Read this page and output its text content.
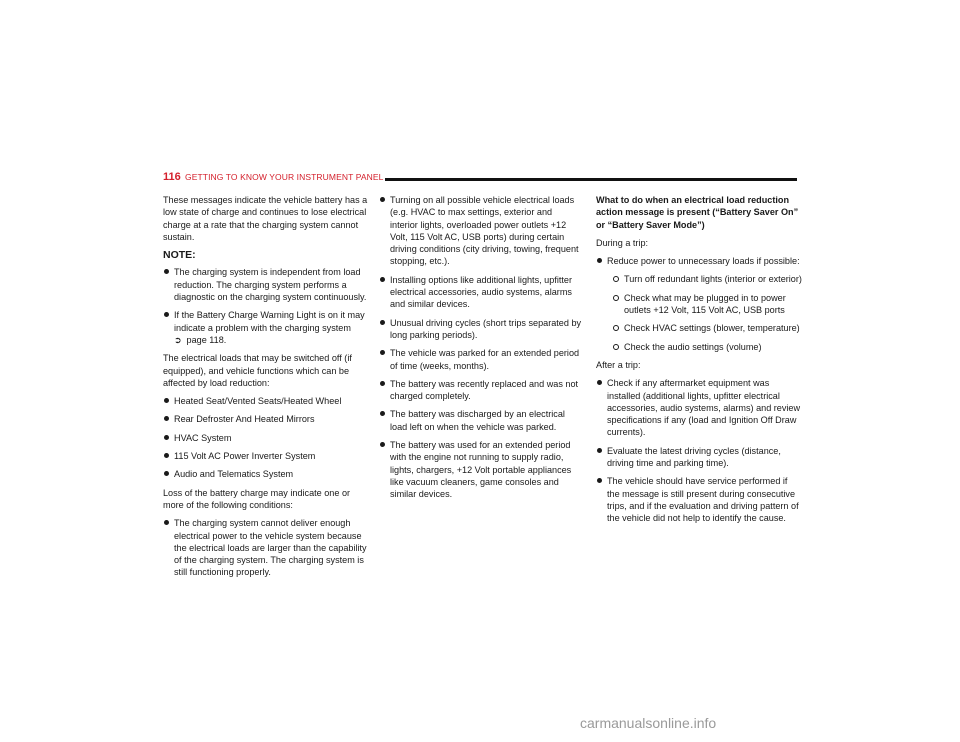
116 GETTING TO KNOW YOUR INSTRUMENT PANEL

These messages indicate the vehicle battery has a low state of charge and continues to lose electrical charge at a rate that the charging system cannot sustain.

NOTE:
The charging system is independent from load reduction. The charging system performs a diagnostic on the charging system continuously.
If the Battery Charge Warning Light is on it may indicate a problem with the charging system
➲ page 118.

The electrical loads that may be switched off (if equipped), and vehicle functions which can be affected by load reduction:

Heated Seat/Vented Seats/Heated Wheel
Rear Defroster And Heated Mirrors
HVAC System
115 Volt AC Power Inverter System
Audio and Telematics System

Loss of the battery charge may indicate one or more of the following conditions:

The charging system cannot deliver enough electrical power to the vehicle system because the electrical loads are larger than the capability of the charging system. The charging system is still functioning properly.
Turning on all possible vehicle electrical loads (e.g. HVAC to max settings, exterior and interior lights, overloaded power outlets +12 Volt, 115 Volt AC, USB ports) during certain driving conditions (city driving, towing, frequent stopping, etc.).
Installing options like additional lights, upfitter electrical accessories, audio systems, alarms and similar devices.
Unusual driving cycles (short trips separated by long parking periods).
The vehicle was parked for an extended period of time (weeks, months).
The battery was recently replaced and was not charged completely.
The battery was discharged by an electrical load left on when the vehicle was parked.
The battery was used for an extended period with the engine not running to supply radio, lights, chargers, +12 Volt portable appliances like vacuum cleaners, game consoles and similar devices.
What to do when an electrical load reduction action message is present (“Battery Saver On” or “Battery Saver Mode”)

During a trip:

Reduce power to unnecessary loads if possible:
Turn off redundant lights (interior or exterior)
Check what may be plugged in to power outlets +12 Volt, 115 Volt AC, USB ports
Check HVAC settings (blower, temperature)
Check the audio settings (volume)

After a trip:

Check if any aftermarket equipment was installed (additional lights, upfitter electrical accessories, audio systems, alarms) and review specifications if any (load and Ignition Off Draw currents).
Evaluate the latest driving cycles (distance, driving time and parking time).
The vehicle should have service performed if the message is still present during consecutive trips, and if the evaluation and driving pattern of the vehicle did not help to identify the cause.
carmanualsonline.info
